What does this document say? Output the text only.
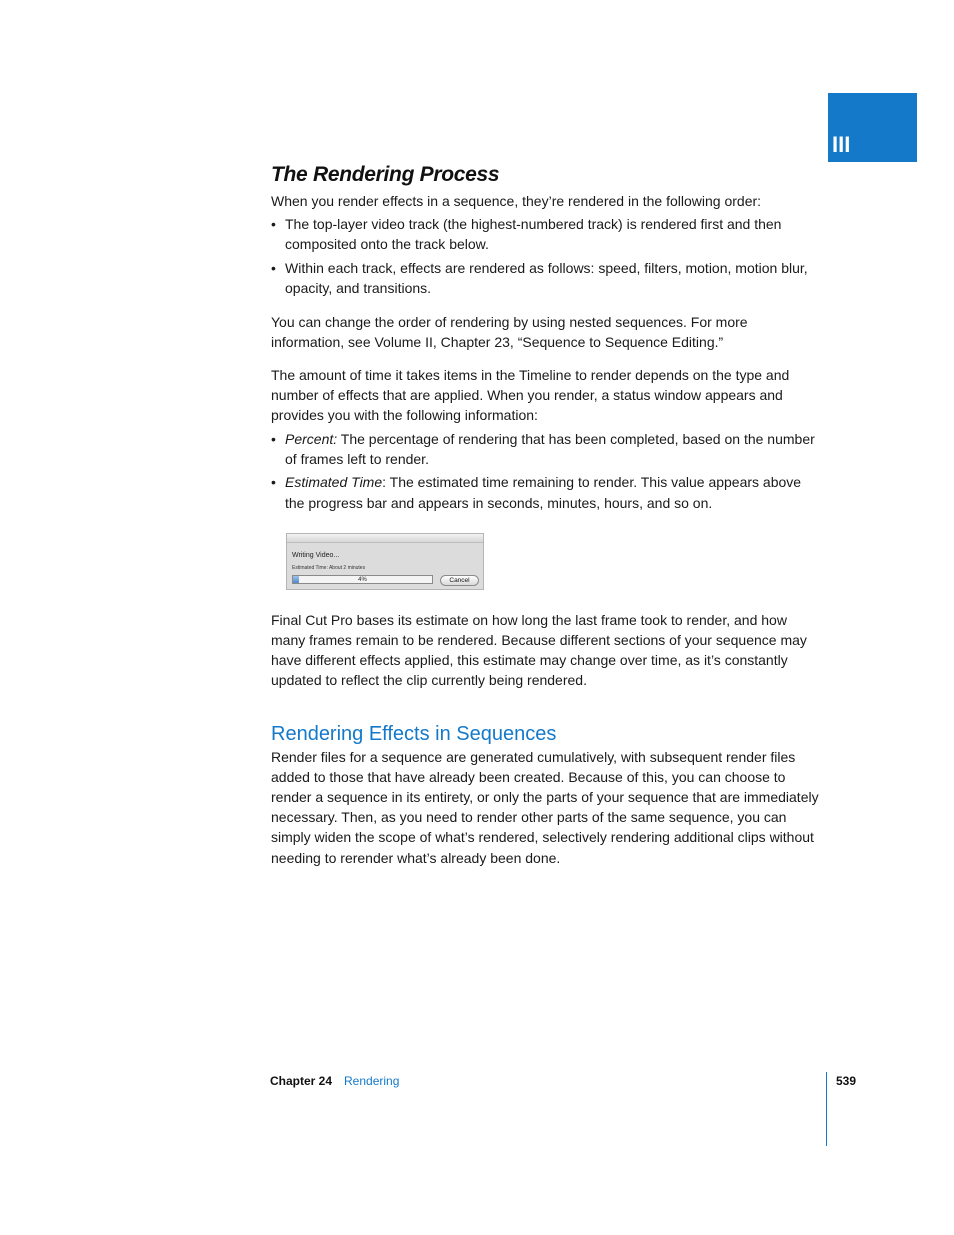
III
The Rendering Process

When you render effects in a sequence, they’re rendered in the following order:

• The top-layer video track (the highest-numbered track) is rendered first and then composited onto the track below.
• Within each track, effects are rendered as follows: speed, filters, motion, motion blur, opacity, and transitions.

You can change the order of rendering by using nested sequences. For more information, see Volume II, Chapter 23, “Sequence to Sequence Editing.”

The amount of time it takes items in the Timeline to render depends on the type and number of effects that are applied. When you render, a status window appears and provides you with the following information:

• Percent: The percentage of rendering that has been completed, based on the number of frames left to render.
• Estimated Time: The estimated time remaining to render. This value appears above the progress bar and appears in seconds, minutes, hours, and so on.
Writing Video...
Estimated Time: About 2 minutes
4%	Cancel

Final Cut Pro bases its estimate on how long the last frame took to render, and how many frames remain to be rendered. Because different sections of your sequence may have different effects applied, this estimate may change over time, as it’s constantly updated to reflect the clip currently being rendered.

Rendering Effects in Sequences

Render files for a sequence are generated cumulatively, with subsequent render files added to those that have already been created. Because of this, you can choose to render a sequence in its entirety, or only the parts of your sequence that are immediately necessary. Then, as you need to render other parts of the same sequence, you can simply widen the scope of what’s rendered, selectively rendering additional clips without needing to rerender what’s already been done.

Chapter 24 Rendering	539
